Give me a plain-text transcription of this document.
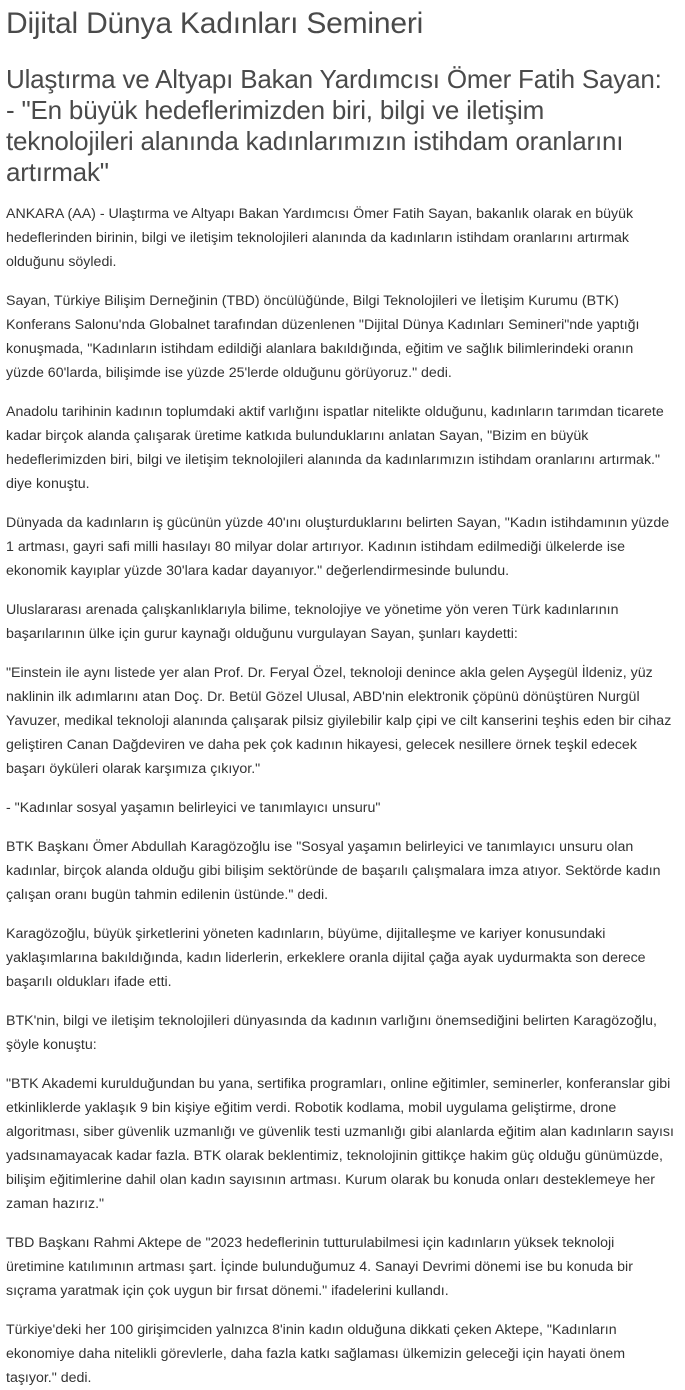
Dijital Dünya Kadınları Semineri
Ulaştırma ve Altyapı Bakan Yardımcısı Ömer Fatih Sayan: - "En büyük hedeflerimizden biri, bilgi ve iletişim teknolojileri alanında kadınlarımızın istihdam oranlarını artırmak"

ANKARA (AA) - Ulaştırma ve Altyapı Bakan Yardımcısı Ömer Fatih Sayan, bakanlık olarak en büyük hedeflerinden birinin, bilgi ve iletişim teknolojileri alanında da kadınların istihdam oranlarını artırmak olduğunu söyledi.

Sayan, Türkiye Bilişim Derneğinin (TBD) öncülüğünde, Bilgi Teknolojileri ve İletişim Kurumu (BTK) Konferans Salonu'nda Globalnet tarafından düzenlenen "Dijital Dünya Kadınları Semineri"nde yaptığı konuşmada, "Kadınların istihdam edildiği alanlara bakıldığında, eğitim ve sağlık bilimlerindeki oranın yüzde 60'larda, bilişimde ise yüzde 25'lerde olduğunu görüyoruz." dedi.

Anadolu tarihinin kadının toplumdaki aktif varlığını ispatlar nitelikte olduğunu, kadınların tarımdan ticarete kadar birçok alanda çalışarak üretime katkıda bulunduklarını anlatan Sayan, "Bizim en büyük hedeflerimizden biri, bilgi ve iletişim teknolojileri alanında da kadınlarımızın istihdam oranlarını artırmak." diye konuştu.

Dünyada da kadınların iş gücünün yüzde 40'ını oluşturduklarını belirten Sayan, "Kadın istihdamının yüzde 1 artması, gayri safi milli hasılayı 80 milyar dolar artırıyor. Kadının istihdam edilmediği ülkelerde ise ekonomik kayıplar yüzde 30'lara kadar dayanıyor." değerlendirmesinde bulundu.

Uluslararası arenada çalışkanlıklarıyla bilime, teknolojiye ve yönetime yön veren Türk kadınlarının başarılarının ülke için gurur kaynağı olduğunu vurgulayan Sayan, şunları kaydetti:

"Einstein ile aynı listede yer alan Prof. Dr. Feryal Özel, teknoloji denince akla gelen Ayşegül İldeniz, yüz naklinin ilk adımlarını atan Doç. Dr. Betül Gözel Ulusal, ABD'nin elektronik çöpünü dönüştüren Nurgül Yavuzer, medikal teknoloji alanında çalışarak pilsiz giyilebilir kalp çipi ve cilt kanserini teşhis eden bir cihaz geliştiren Canan Dağdeviren ve daha pek çok kadının hikayesi, gelecek nesillere örnek teşkil edecek başarı öyküleri olarak karşımıza çıkıyor."

- "Kadınlar sosyal yaşamın belirleyici ve tanımlayıcı unsuru"

BTK Başkanı Ömer Abdullah Karagözoğlu ise "Sosyal yaşamın belirleyici ve tanımlayıcı unsuru olan kadınlar, birçok alanda olduğu gibi bilişim sektöründe de başarılı çalışmalara imza atıyor. Sektörde kadın çalışan oranı bugün tahmin edilenin üstünde." dedi.

Karagözoğlu, büyük şirketlerini yöneten kadınların, büyüme, dijitalleşme ve kariyer konusundaki yaklaşımlarına bakıldığında, kadın liderlerin, erkeklere oranla dijital çağa ayak uydurmakta son derece başarılı oldukları ifade etti.

BTK'nin, bilgi ve iletişim teknolojileri dünyasında da kadının varlığını önemsediğini belirten Karagözoğlu, şöyle konuştu:

"BTK Akademi kurulduğundan bu yana, sertifika programları, online eğitimler, seminerler, konferanslar gibi etkinliklerde yaklaşık 9 bin kişiye eğitim verdi. Robotik kodlama, mobil uygulama geliştirme, drone algoritması, siber güvenlik uzmanlığı ve güvenlik testi uzmanlığı gibi alanlarda eğitim alan kadınların sayısı yadsınamayacak kadar fazla. BTK olarak beklentimiz, teknolojinin gittikçe hakim güç olduğu günümüzde, bilişim eğitimlerine dahil olan kadın sayısının artması. Kurum olarak bu konuda onları desteklemeye her zaman hazırız."

TBD Başkanı Rahmi Aktepe de "2023 hedeflerinin tutturulabilmesi için kadınların yüksek teknoloji üretimine katılımının artması şart. İçinde bulunduğumuz 4. Sanayi Devrimi dönemi ise bu konuda bir sıçrama yaratmak için çok uygun bir fırsat dönemi." ifadelerini kullandı.

Türkiye'deki her 100 girişimciden yalnızca 8'inin kadın olduğuna dikkati çeken Aktepe, "Kadınların ekonomiye daha nitelikli görevlerle, daha fazla katkı sağlaması ülkemizin geleceği için hayati önem taşıyor." dedi.
